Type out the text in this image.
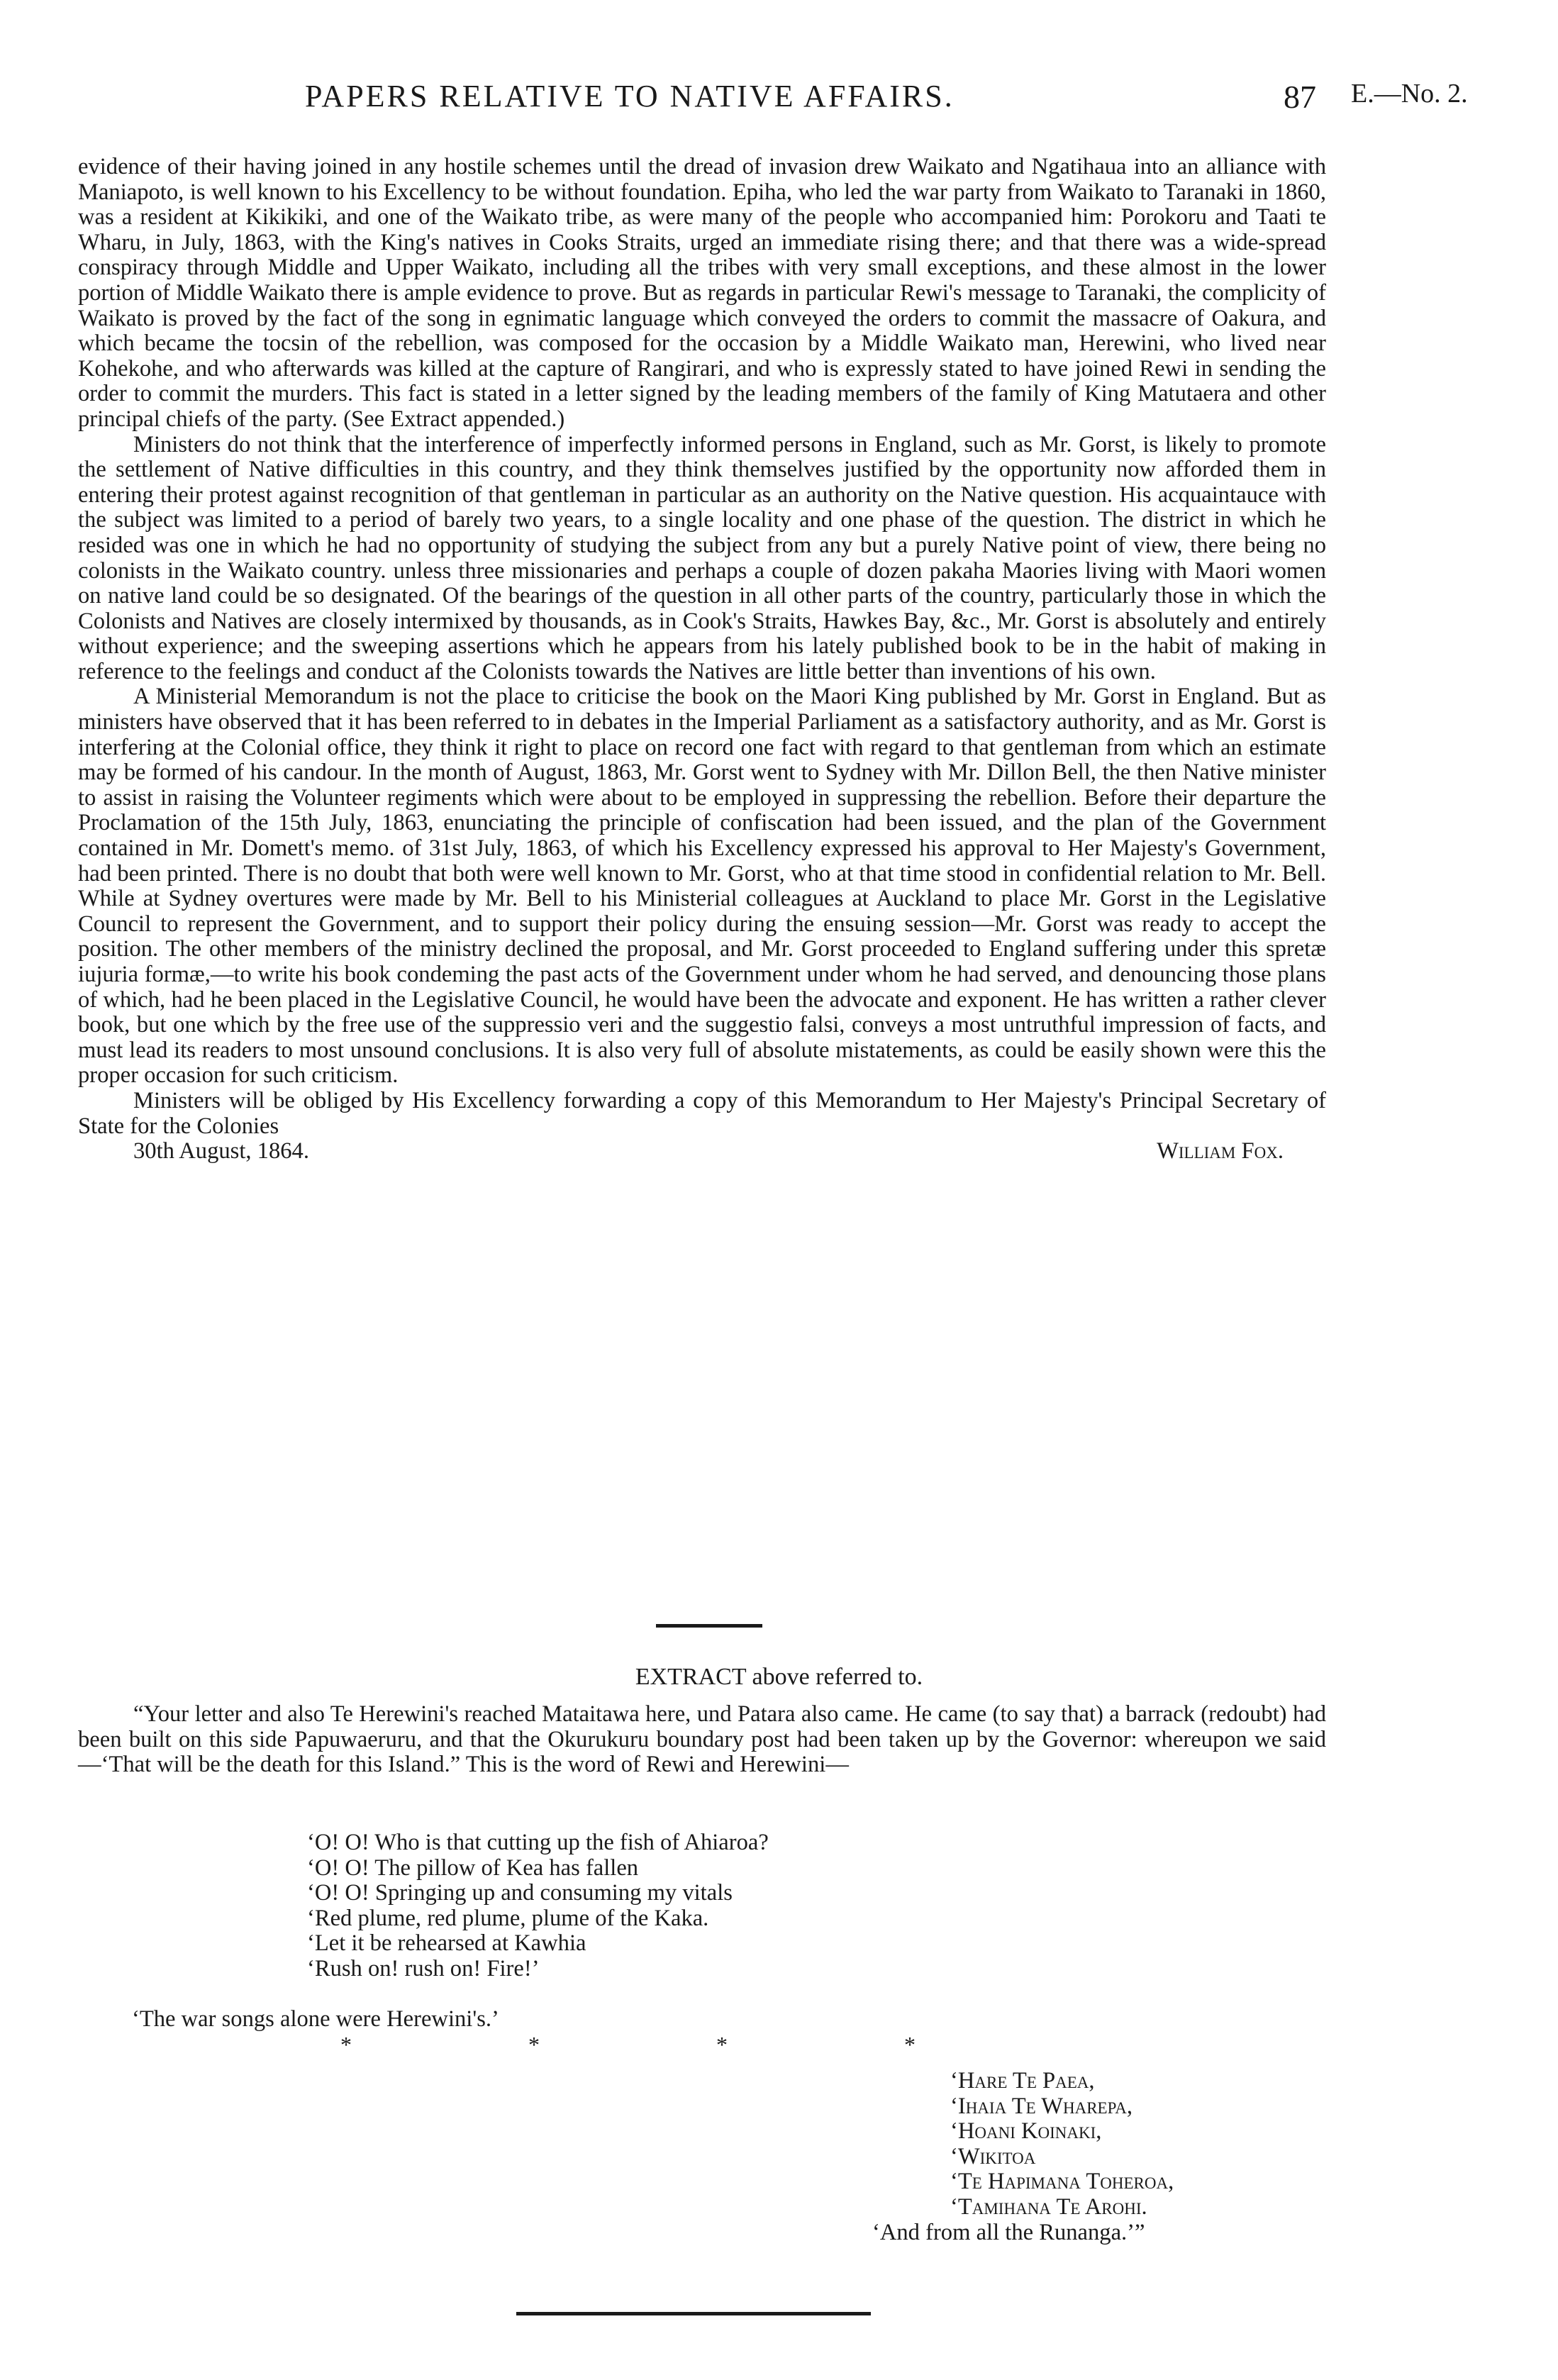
PAPERS RELATIVE TO NATIVE AFFAIRS.	87 E.—No. 2.

evidence of their having joined in any hostile schemes until the dread of invasion drew Waikato and Ngatihaua into an alliance with Maniapoto, is well known to his Excellency to be without foundation. Epiha, who led the war party from Waikato to Taranaki in 1860, was a resident at Kikikiki, and one of the Waikato tribe, as were many of the people who accompanied him: Porokoru and Taati te Wharu, in July, 1863, with the King's natives in Cooks Straits, urged an immediate rising there; and that there was a wide-spread conspiracy through Middle and Upper Waikato, including all the tribes with very small exceptions, and these almost in the lower portion of Middle Waikato there is ample evidence to prove. But as regards in particular Rewi's message to Taranaki, the complicity of Waikato is proved by the fact of the song in egnimatic language which conveyed the orders to commit the massacre of Oakura, and which became the tocsin of the rebellion, was composed for the occasion by a Middle Waikato man, Herewini, who lived near Kohekohe, and who afterwards was killed at the capture of Rangirari, and who is expressly stated to have joined Rewi in sending the order to commit the murders. This fact is stated in a letter signed by the leading members of the family of King Matutaera and other principal chiefs of the party. (See Extract appended.)

Ministers do not think that the interference of imperfectly informed persons in England, such as Mr. Gorst, is likely to promote the settlement of Native difficulties in this country, and they think themselves justified by the opportunity now afforded them in entering their protest against recognition of that gentleman in particular as an authority on the Native question. His acquaintauce with the subject was limited to a period of barely two years, to a single locality and one phase of the question. The district in which he resided was one in which he had no opportunity of studying the subject from any but a purely Native point of view, there being no colonists in the Waikato country. unless three missionaries and perhaps a couple of dozen pakaha Maories living with Maori women on native land could be so designated. Of the bearings of the question in all other parts of the country, particularly those in which the Colonists and Natives are closely intermixed by thousands, as in Cook's Straits, Hawkes Bay, &c., Mr. Gorst is absolutely and entirely without experience; and the sweeping assertions which he appears from his lately published book to be in the habit of making in reference to the feelings and conduct af the Colonists towards the Natives are little better than inventions of his own.

A Ministerial Memorandum is not the place to criticise the book on the Maori King published by Mr. Gorst in England. But as ministers have observed that it has been referred to in debates in the Imperial Parliament as a satisfactory authority, and as Mr. Gorst is interfering at the Colonial office, they think it right to place on record one fact with regard to that gentleman from which an estimate may be formed of his candour. In the month of August, 1863, Mr. Gorst went to Sydney with Mr. Dillon Bell, the then Native minister to assist in raising the Volunteer regiments which were about to be employed in suppressing the rebellion. Before their departure the Proclamation of the 15th July, 1863, enunciating the principle of confiscation had been issued, and the plan of the Government contained in Mr. Domett's memo. of 31st July, 1863, of which his Excellency expressed his approval to Her Majesty's Government, had been printed. There is no doubt that both were well known to Mr. Gorst, who at that time stood in confidential relation to Mr. Bell. While at Sydney overtures were made by Mr. Bell to his Ministerial colleagues at Auckland to place Mr. Gorst in the Legislative Council to represent the Government, and to support their policy during the ensuing session—Mr. Gorst was ready to accept the position. The other members of the ministry declined the proposal, and Mr. Gorst proceeded to England suffering under this spretæ iujuria formæ,—to write his book condeming the past acts of the Government under whom he had served, and denouncing those plans of which, had he been placed in the Legislative Council, he would have been the advocate and exponent. He has written a rather clever book, but one which by the free use of the suppressio veri and the suggestio falsi, conveys a most untruthful impression of facts, and must lead its readers to most unsound conclusions. It is also very full of absolute mistatements, as could be easily shown were this the proper occasion for such criticism.

Ministers will be obliged by His Excellency forwarding a copy of this Memorandum to Her Majesty's Principal Secretary of State for the Colonies

30th August, 1864.	William Fox.
EXTRACT above referred to.

“Your letter and also Te Herewini's reached Mataitawa here, und Patara also came. He came (to say that) a barrack (redoubt) had been built on this side Papuwaeruru, and that the Okurukuru boundary post had been taken up by the Governor: whereupon we said—‘That will be the death for this Island.” This is the word of Rewi and Herewini—

‘O! O! Who is that cutting up the fish of Ahiaroa?
‘O! O! The pillow of Kea has fallen
‘O! O! Springing up and consuming my vitals
‘Red plume, red plume, plume of the Kaka.
‘Let it be rehearsed at Kawhia
‘Rush on! rush on! Fire!’
‘The war songs alone were Herewini's.’
*	*	*	*
‘Hare Te Paea,
‘Ihaia Te Wharepa,
‘Hoani Koinaki,
‘Wikitoa
‘Te Hapimana Toheroa,
‘Tamihana Te Arohi.
‘And from all the Runanga.’”
